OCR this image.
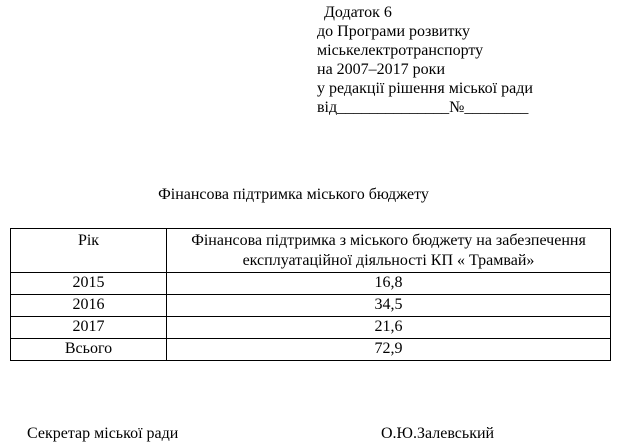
Додаток 6
до Програми розвитку
міськелектротранспорту
на 2007–2017 роки
у редакції рішення міської ради
від______________№________
Фінансова підтримка міського бюджету
Рік	Фінансова підтримка з міського бюджету на забезпечення експлуатаційної діяльності КП « Трамвай»
2015	16,8
2016	34,5
2017	21,6
Всього	72,9
Секретар міської ради	О.Ю.Залевський
